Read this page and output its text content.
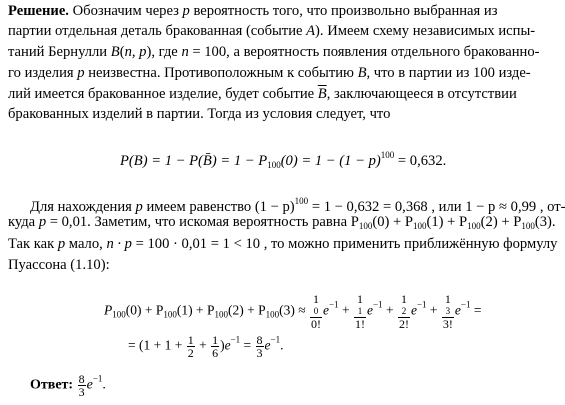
Решение. Обозначим через p вероятность того, что произвольно выбранная из
партии отдельная деталь бракованная (событие A). Имеем схему независимых испы-
таний Бернулли B(n, p), где n = 100, а вероятность появления отдельного бракованно-
го изделия p неизвестна. Противоположным к событию B, что в партии из 100 изде-
лий имеется бракованное изделие, будет событие $\overline{B}$, заключающееся в отсутствии
бракованных изделий в партии. Тогда из условия следует, что
P(B) = 1 − P(B̄) = $1 - P_{100}(0) = 1 - (1 - p)^{100} = 0,632$.
Для нахождения p имеем равенство $(1 - p)^{100} = 1 - 0,632 = 0,368$ , или 1 − p ≈ 0,99 , от-
куда p = 0,01. Заметим, что искомая вероятность равна $P_{100}(0) + P_{100}(1) + P_{100}(2) + P_{100}(3)$.
Так как p мало, n · p = 100 · 0,01 = 1 < 10 , то можно применить приближённую формулу
Пуассона (1.10):
$P_{100}(0) + P_{100}(1) + P_{100}(2) + P_{100}(3) \approx 1$
0
0! $e^{-1} + 1$
1
1! $e^{-1} + 1$
2
2! $e^{-1} + 1$
3
3! $e^{-1}$ =
= $(1 + 1 + \frac{1}{2} + \frac{1}{6} )e^{-1} = \frac{8}{3} e^{-1}$.
Ответ: $\frac{8}{3} e^{-1}$.
